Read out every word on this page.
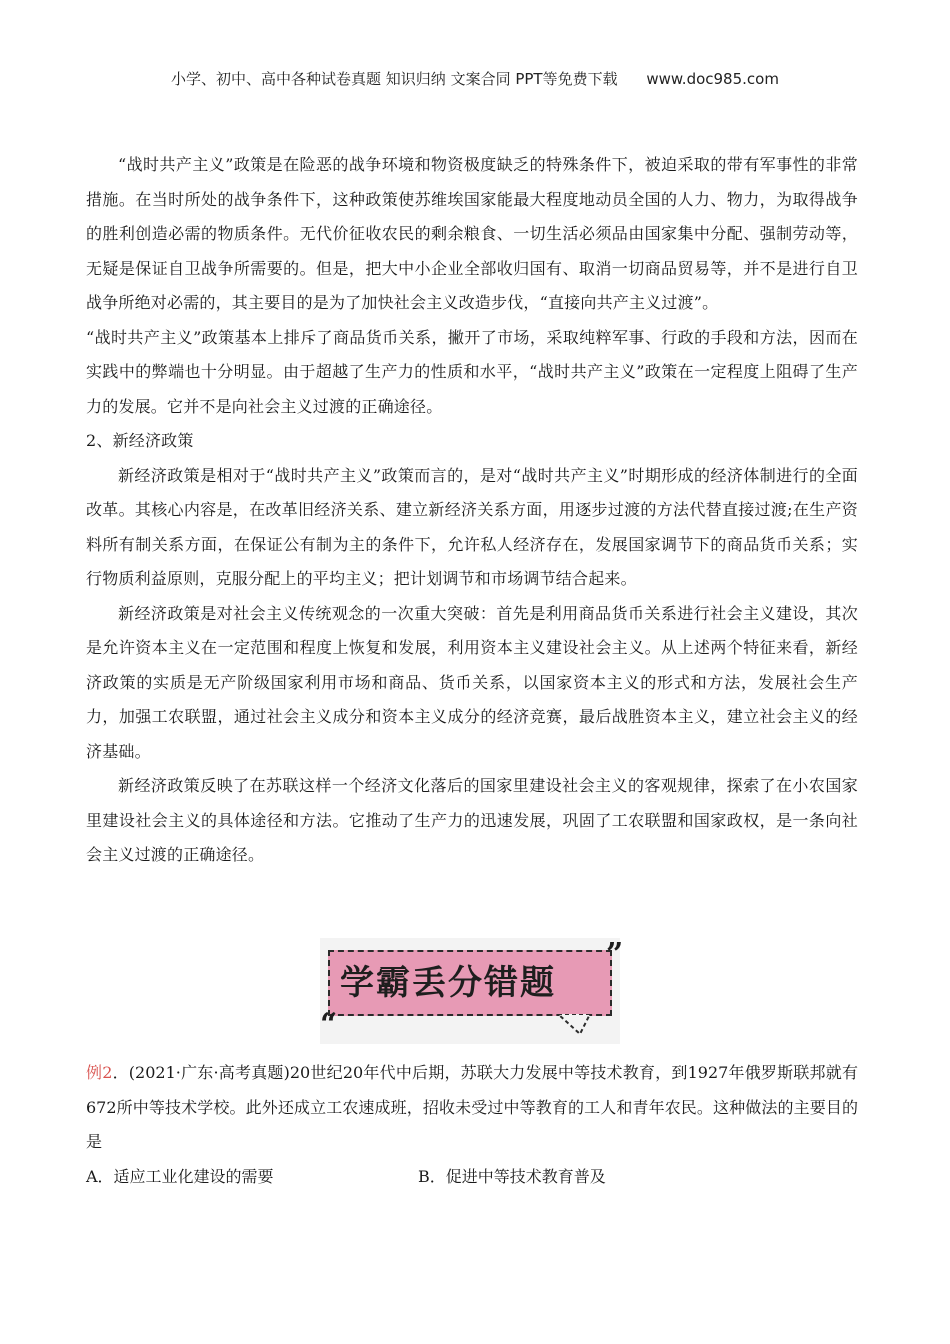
小学、初中、高中各种试卷真题 知识归纳 文案合同 PPT等免费下载 www.doc985.com

“战时共产主义”政策是在险恶的战争环境和物资极度缺乏的特殊条件下，被迫采取的带有军事性的非常措施。在当时所处的战争条件下，这种政策使苏维埃国家能最大程度地动员全国的人力、物力，为取得战争的胜利创造必需的物质条件。无代价征收农民的剩余粮食、一切生活必须品由国家集中分配、强制劳动等，无疑是保证自卫战争所需要的。但是，把大中小企业全部收归国有、取消一切商品贸易等，并不是进行自卫战争所绝对必需的，其主要目的是为了加快社会主义改造步伐，“直接向共产主义过渡”。

“战时共产主义”政策基本上排斥了商品货币关系，撇开了市场，采取纯粹军事、行政的手段和方法，因而在实践中的弊端也十分明显。由于超越了生产力的性质和水平，“战时共产主义”政策在一定程度上阻碍了生产力的发展。它并不是向社会主义过渡的正确途径。

2、新经济政策

新经济政策是相对于“战时共产主义”政策而言的，是对“战时共产主义”时期形成的经济体制进行的全面改革。其核心内容是，在改革旧经济关系、建立新经济关系方面，用逐步过渡的方法代替直接过渡;在生产资料所有制关系方面，在保证公有制为主的条件下，允许私人经济存在，发展国家调节下的商品货币关系；实行物质利益原则，克服分配上的平均主义；把计划调节和市场调节结合起来。

新经济政策是对社会主义传统观念的一次重大突破：首先是利用商品货币关系进行社会主义建设，其次是允许资本主义在一定范围和程度上恢复和发展，利用资本主义建设社会主义。从上述两个特征来看，新经济政策的实质是无产阶级国家利用市场和商品、货币关系，以国家资本主义的形式和方法，发展社会生产力，加强工农联盟，通过社会主义成分和资本主义成分的经济竞赛，最后战胜资本主义，建立社会主义的经济基础。

新经济政策反映了在苏联这样一个经济文化落后的国家里建设社会主义的客观规律，探索了在小农国家里建设社会主义的具体途径和方法。它推动了生产力的迅速发展，巩固了工农联盟和国家政权，是一条向社会主义过渡的正确途径。

学霸丢分错题
”
“

例2．(2021·广东·高考真题)20世纪20年代中后期，苏联大力发展中等技术教育，到1927年俄罗斯联邦就有672所中等技术学校。此外还成立工农速成班，招收未受过中等教育的工人和青年农民。这种做法的主要目的是

A．适应工业化建设的需要	B．促进中等技术教育普及
